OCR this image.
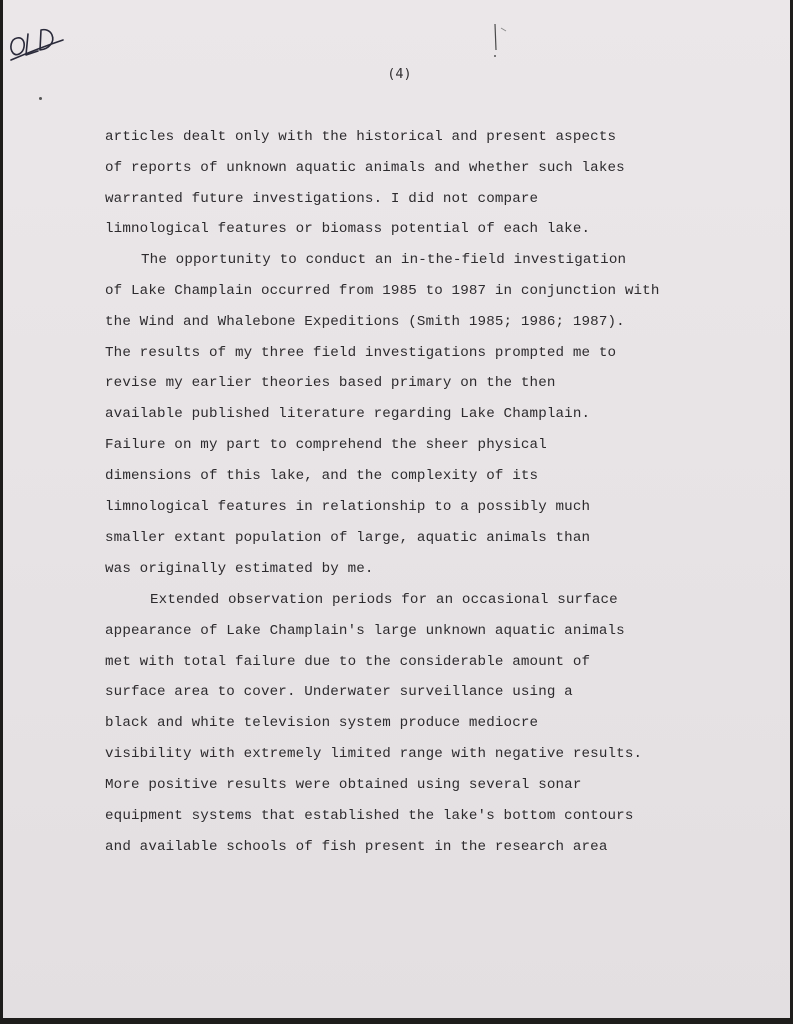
(4)
articles dealt only with the historical and present aspects
of reports of unknown aquatic animals and whether such lakes
warranted future investigations. I did not compare
limnological features or biomass potential of each lake.
The opportunity to conduct an in-the-field investigation
of Lake Champlain occurred from 1985 to 1987 in conjunction with
the Wind and Whalebone Expeditions (Smith 1985; 1986; 1987).
The results of my three field investigations prompted me to
revise my earlier theories based primary on the then
available published literature regarding Lake Champlain.
Failure on my part to comprehend the sheer physical
dimensions of this lake, and the complexity of its
limnological features in relationship to a possibly much
smaller extant population of large, aquatic animals than
was originally estimated by me.
Extended observation periods for an occasional surface
appearance of Lake Champlain's large unknown aquatic animals
met with total failure due to the considerable amount of
surface area to cover. Underwater surveillance using a
black and white television system produce mediocre
visibility with extremely limited range with negative results.
More positive results were obtained using several sonar
equipment systems that established the lake's bottom contours
and available schools of fish present in the research area
